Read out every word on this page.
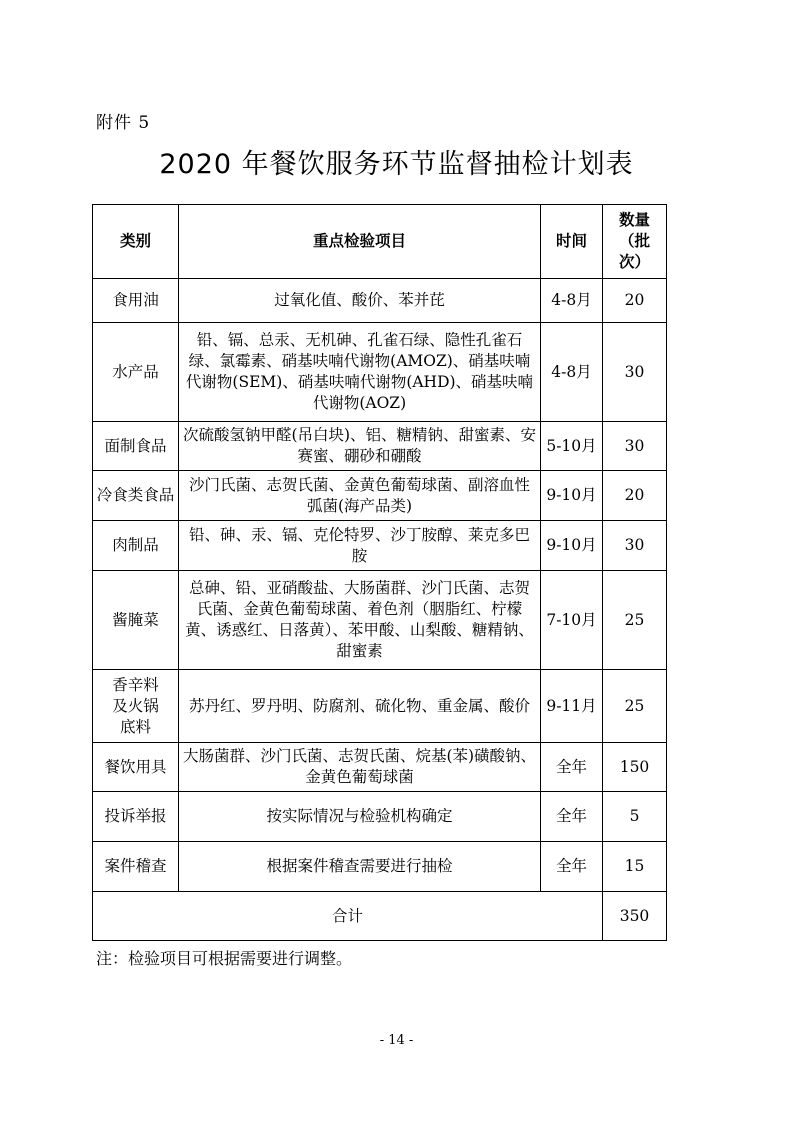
附件 5
2020 年餐饮服务环节监督抽检计划表
类别	重点检验项目	时间	数量（批次）
食用油	过氧化值、酸价、苯并芘	4-8月	20
水产品	铅、镉、总汞、无机砷、孔雀石绿、隐性孔雀石绿、氯霉素、硝基呋喃代谢物(AMOZ)、硝基呋喃代谢物(SEM)、硝基呋喃代谢物(AHD)、硝基呋喃代谢物(AOZ)	4-8月	30
面制食品	次硫酸氢钠甲醛(吊白块)、铝、糖精钠、甜蜜素、安赛蜜、硼砂和硼酸	5-10月	30
冷食类食品	沙门氏菌、志贺氏菌、金黄色葡萄球菌、副溶血性弧菌(海产品类)	9-10月	20
肉制品	铅、砷、汞、镉、克伦特罗、沙丁胺醇、莱克多巴胺	9-10月	30
酱腌菜	总砷、铅、亚硝酸盐、大肠菌群、沙门氏菌、志贺氏菌、金黄色葡萄球菌、着色剂（胭脂红、柠檬黄、诱惑红、日落黄）、苯甲酸、山梨酸、糖精钠、甜蜜素	7-10月	25
香辛料及火锅底料	苏丹红、罗丹明、防腐剂、硫化物、重金属、酸价	9-11月	25
餐饮用具	大肠菌群、沙门氏菌、志贺氏菌、烷基(苯)磺酸钠、金黄色葡萄球菌	全年	150
投诉举报	按实际情况与检验机构确定	全年	5
案件稽查	根据案件稽查需要进行抽检	全年	15
合计			350
注：检验项目可根据需要进行调整。
- 14 -
